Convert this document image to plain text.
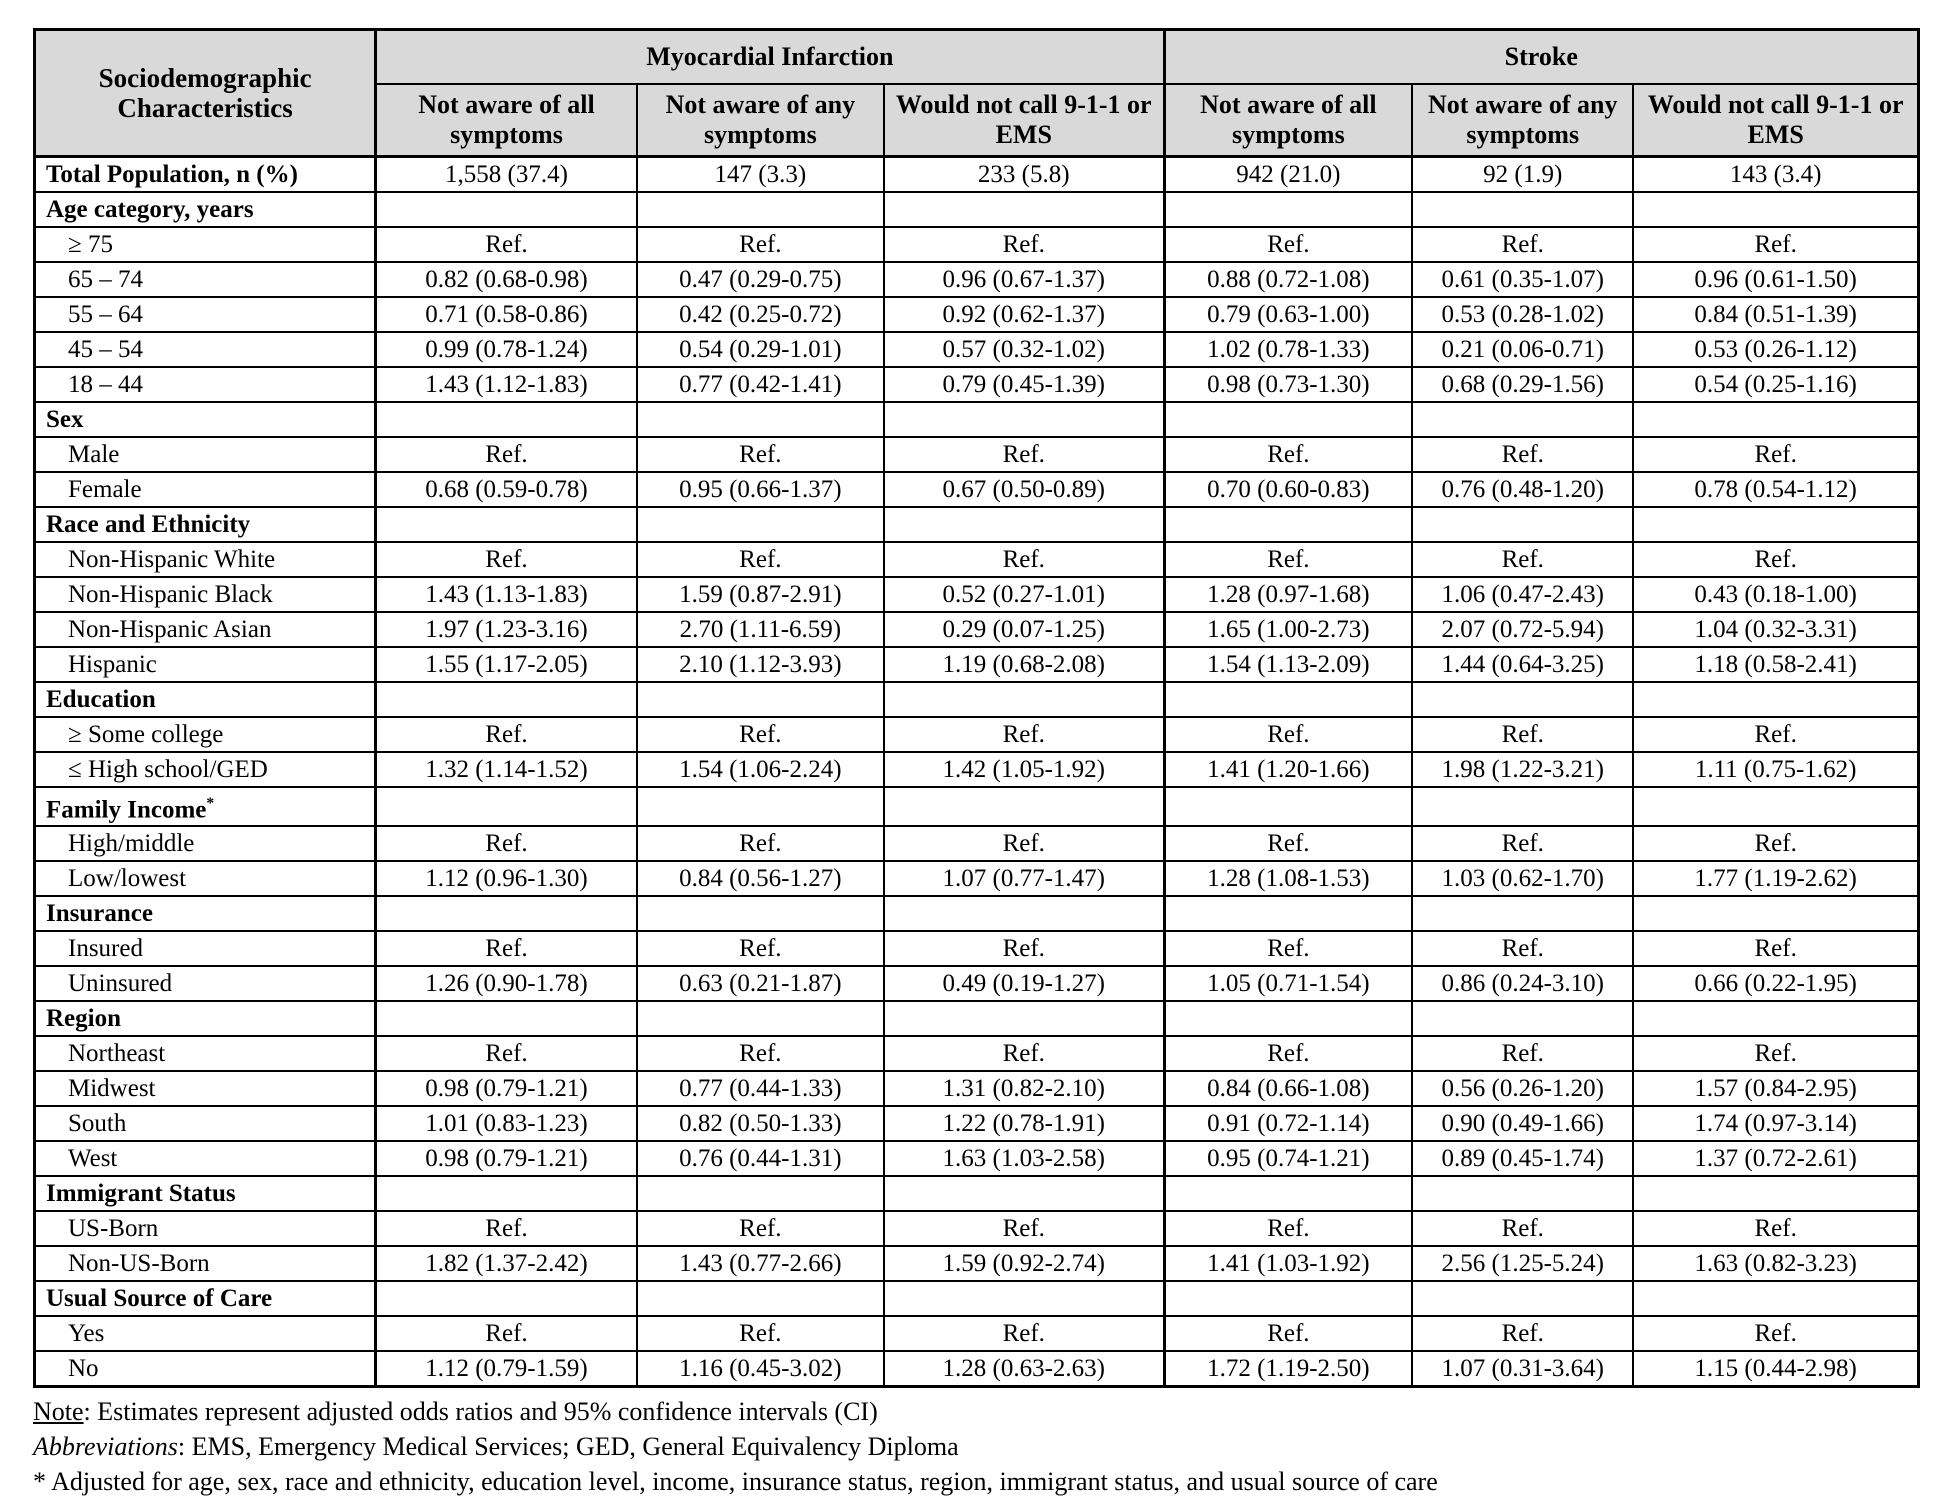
Sociodemographic Characteristics	Myocardial Infarction			Stroke		
	Not aware of all symptoms	Not aware of any symptoms	Would not call 9-1-1 or EMS	Not aware of all symptoms	Not aware of any symptoms	Would not call 9-1-1 or EMS
Total Population, n (%)	1,558 (37.4)	147 (3.3)	233 (5.8)	942 (21.0)	92 (1.9)	143 (3.4)
Age category, years						
≥ 75	Ref.	Ref.	Ref.	Ref.	Ref.	Ref.
65 – 74	0.82 (0.68-0.98)	0.47 (0.29-0.75)	0.96 (0.67-1.37)	0.88 (0.72-1.08)	0.61 (0.35-1.07)	0.96 (0.61-1.50)
55 – 64	0.71 (0.58-0.86)	0.42 (0.25-0.72)	0.92 (0.62-1.37)	0.79 (0.63-1.00)	0.53 (0.28-1.02)	0.84 (0.51-1.39)
45 – 54	0.99 (0.78-1.24)	0.54 (0.29-1.01)	0.57 (0.32-1.02)	1.02 (0.78-1.33)	0.21 (0.06-0.71)	0.53 (0.26-1.12)
18 – 44	1.43 (1.12-1.83)	0.77 (0.42-1.41)	0.79 (0.45-1.39)	0.98 (0.73-1.30)	0.68 (0.29-1.56)	0.54 (0.25-1.16)
Sex						
Male	Ref.	Ref.	Ref.	Ref.	Ref.	Ref.
Female	0.68 (0.59-0.78)	0.95 (0.66-1.37)	0.67 (0.50-0.89)	0.70 (0.60-0.83)	0.76 (0.48-1.20)	0.78 (0.54-1.12)
Race and Ethnicity						
Non-Hispanic White	Ref.	Ref.	Ref.	Ref.	Ref.	Ref.
Non-Hispanic Black	1.43 (1.13-1.83)	1.59 (0.87-2.91)	0.52 (0.27-1.01)	1.28 (0.97-1.68)	1.06 (0.47-2.43)	0.43 (0.18-1.00)
Non-Hispanic Asian	1.97 (1.23-3.16)	2.70 (1.11-6.59)	0.29 (0.07-1.25)	1.65 (1.00-2.73)	2.07 (0.72-5.94)	1.04 (0.32-3.31)
Hispanic	1.55 (1.17-2.05)	2.10 (1.12-3.93)	1.19 (0.68-2.08)	1.54 (1.13-2.09)	1.44 (0.64-3.25)	1.18 (0.58-2.41)
Education						
≥ Some college	Ref.	Ref.	Ref.	Ref.	Ref.	Ref.
≤ High school/GED	1.32 (1.14-1.52)	1.54 (1.06-2.24)	1.42 (1.05-1.92)	1.41 (1.20-1.66)	1.98 (1.22-3.21)	1.11 (0.75-1.62)
Family Income*						
High/middle	Ref.	Ref.	Ref.	Ref.	Ref.	Ref.
Low/lowest	1.12 (0.96-1.30)	0.84 (0.56-1.27)	1.07 (0.77-1.47)	1.28 (1.08-1.53)	1.03 (0.62-1.70)	1.77 (1.19-2.62)
Insurance						
Insured	Ref.	Ref.	Ref.	Ref.	Ref.	Ref.
Uninsured	1.26 (0.90-1.78)	0.63 (0.21-1.87)	0.49 (0.19-1.27)	1.05 (0.71-1.54)	0.86 (0.24-3.10)	0.66 (0.22-1.95)
Region						
Northeast	Ref.	Ref.	Ref.	Ref.	Ref.	Ref.
Midwest	0.98 (0.79-1.21)	0.77 (0.44-1.33)	1.31 (0.82-2.10)	0.84 (0.66-1.08)	0.56 (0.26-1.20)	1.57 (0.84-2.95)
South	1.01 (0.83-1.23)	0.82 (0.50-1.33)	1.22 (0.78-1.91)	0.91 (0.72-1.14)	0.90 (0.49-1.66)	1.74 (0.97-3.14)
West	0.98 (0.79-1.21)	0.76 (0.44-1.31)	1.63 (1.03-2.58)	0.95 (0.74-1.21)	0.89 (0.45-1.74)	1.37 (0.72-2.61)
Immigrant Status						
US-Born	Ref.	Ref.	Ref.	Ref.	Ref.	Ref.
Non-US-Born	1.82 (1.37-2.42)	1.43 (0.77-2.66)	1.59 (0.92-2.74)	1.41 (1.03-1.92)	2.56 (1.25-5.24)	1.63 (0.82-3.23)
Usual Source of Care						
Yes	Ref.	Ref.	Ref.	Ref.	Ref.	Ref.
No	1.12 (0.79-1.59)	1.16 (0.45-3.02)	1.28 (0.63-2.63)	1.72 (1.19-2.50)	1.07 (0.31-3.64)	1.15 (0.44-2.98)

Note: Estimates represent adjusted odds ratios and 95% confidence intervals (CI)

Abbreviations: EMS, Emergency Medical Services; GED, General Equivalency Diploma

* Adjusted for age, sex, race and ethnicity, education level, income, insurance status, region, immigrant status, and usual source of care
